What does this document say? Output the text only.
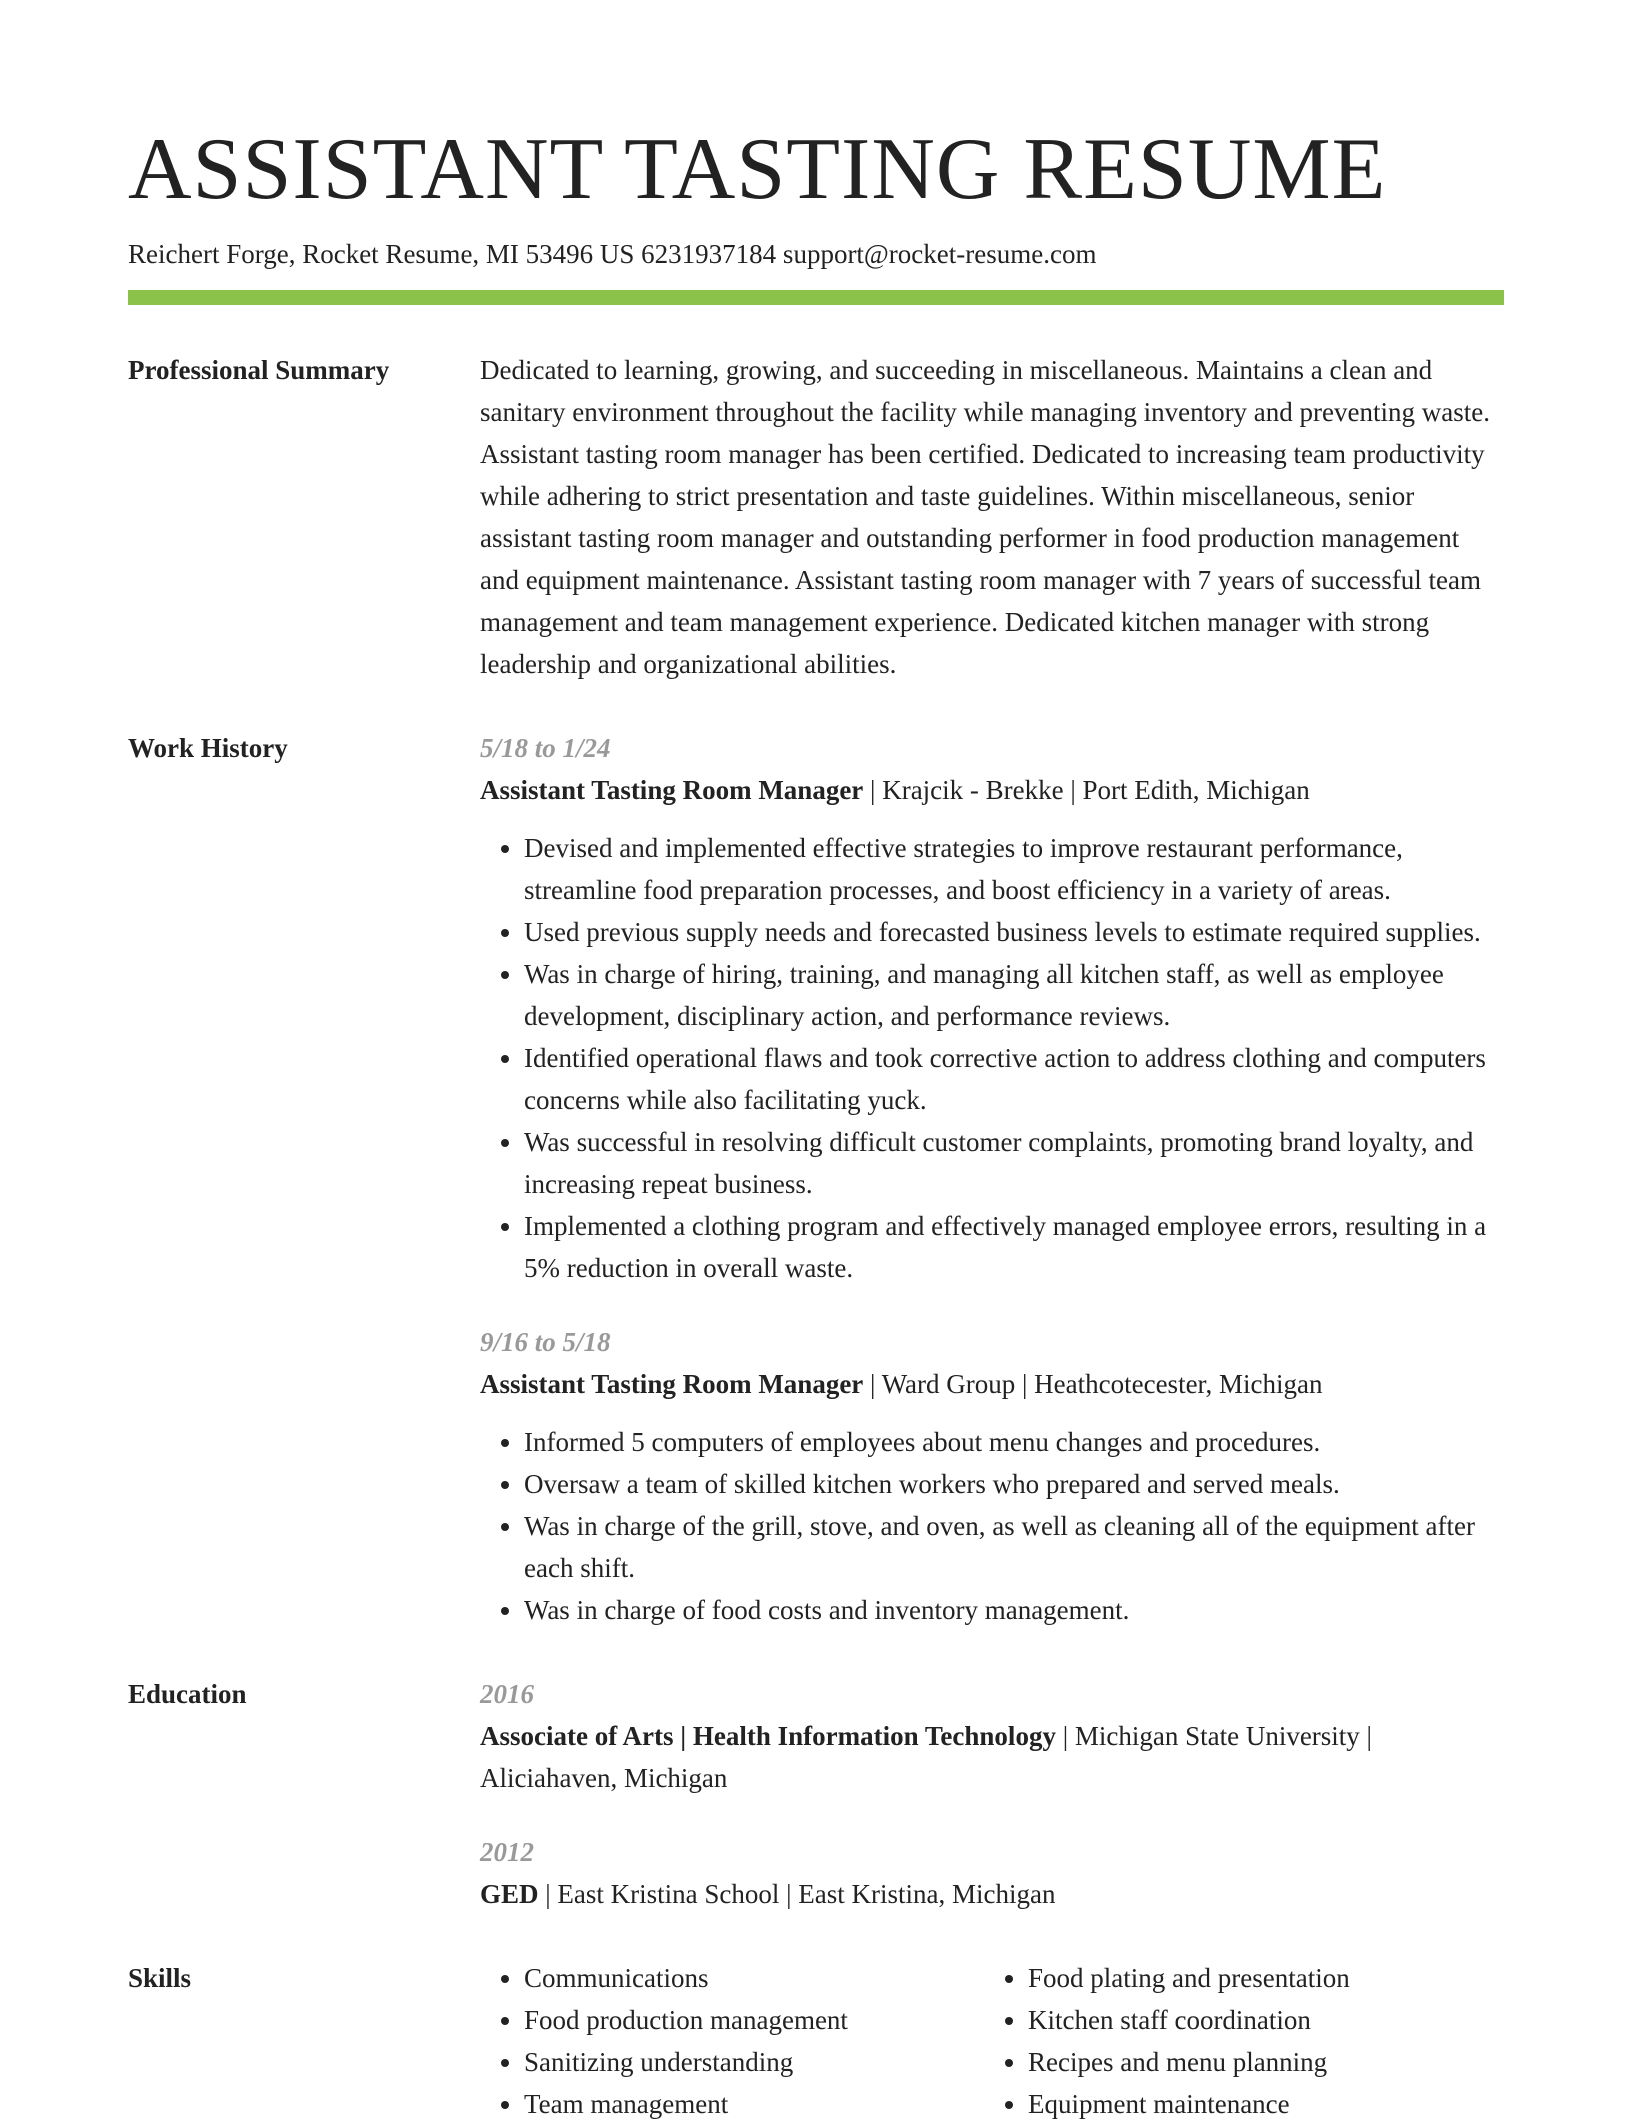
ASSISTANT TASTING RESUME
Reichert Forge, Rocket Resume, MI 53496 US 6231937184 support@rocket-resume.com
Professional Summary	Dedicated to learning, growing, and succeeding in miscellaneous. Maintains a clean and sanitary environment throughout the facility while managing inventory and preventing waste. Assistant tasting room manager has been certified. Dedicated to increasing team productivity while adhering to strict presentation and taste guidelines. Within miscellaneous, senior assistant tasting room manager and outstanding performer in food production management and equipment maintenance. Assistant tasting room manager with 7 years of successful team management and team management experience. Dedicated kitchen manager with strong leadership and organizational abilities.

Work History	5/18 to 1/24
Assistant Tasting Room Manager | Krajcik - Brekke | Port Edith, Michigan
• Devised and implemented effective strategies to improve restaurant performance, streamline food preparation processes, and boost efficiency in a variety of areas.
• Used previous supply needs and forecasted business levels to estimate required supplies.
• Was in charge of hiring, training, and managing all kitchen staff, as well as employee development, disciplinary action, and performance reviews.
• Identified operational flaws and took corrective action to address clothing and computers concerns while also facilitating yuck.
• Was successful in resolving difficult customer complaints, promoting brand loyalty, and increasing repeat business.
• Implemented a clothing program and effectively managed employee errors, resulting in a 5% reduction in overall waste.
9/16 to 5/18
Assistant Tasting Room Manager | Ward Group | Heathcotecester, Michigan
• Informed 5 computers of employees about menu changes and procedures.
• Oversaw a team of skilled kitchen workers who prepared and served meals.
• Was in charge of the grill, stove, and oven, as well as cleaning all of the equipment after each shift.
• Was in charge of food costs and inventory management.
Education	2016
Associate of Arts | Health Information Technology | Michigan State University | Aliciahaven, Michigan
2012
GED | East Kristina School | East Kristina, Michigan
Skills
•	Communications
• Food production management
• Sanitizing understanding
• Team management
• Food plating and presentation
• Kitchen staff coordination
• Recipes and menu planning
• Equipment maintenance
